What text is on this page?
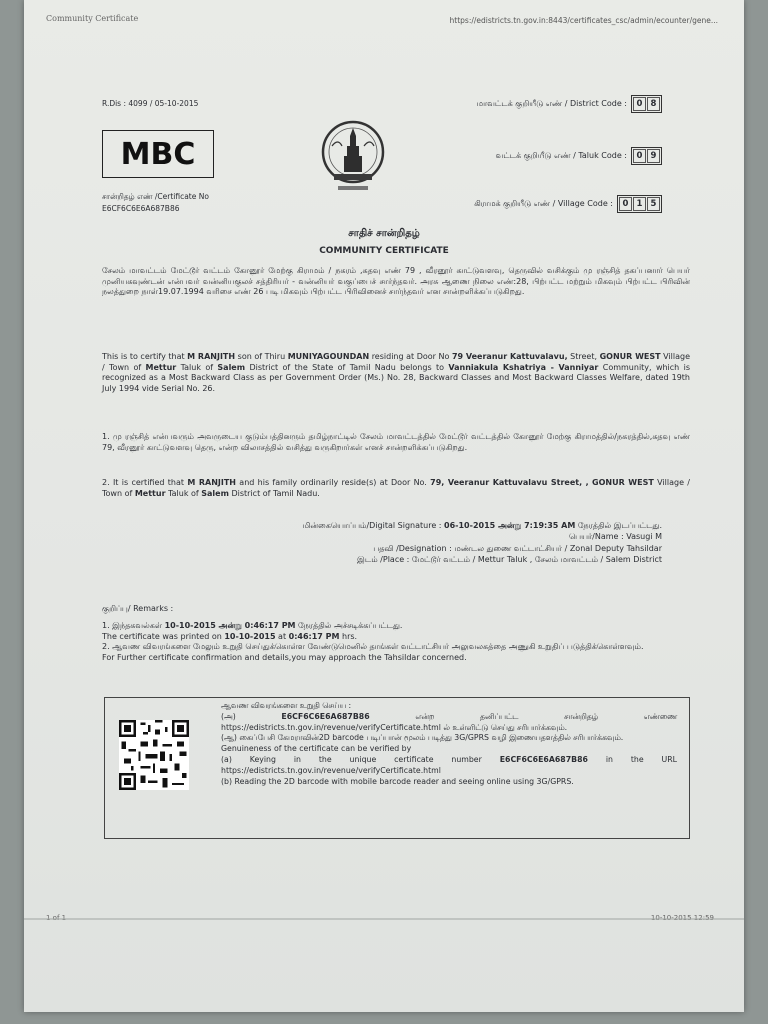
Community Certificate	https://edistricts.tn.gov.in:8443/certificates_csc/admin/ecounter/gene...
R.Dis : 4099 / 05-10-2015
MBC
சான்றிதழ் எண் /Certificate No
E6CF6C6E6A687B86
மாவட்டக் குறியீடு எண் / District Code :	0 8
வட்டக் குறியீடு எண் / Taluk Code :	0 9
கிராமக் குறியீடு எண் / Village Code :	0 1 5
சாதிச் சான்றிதழ்
COMMUNITY CERTIFICATE
சேலம் மாவட்டம் மேட்டூர் வட்டம் கோனூர் மேற்கு கிராமம் / நகரம் ,கதவு எண் 79 , வீரனூர் காட்டுவளவு, தெருவில் வசிக்கும் மு ரஞ்சித் தகப்பனார் பெயர் முனியகவுண்டன் என்பவர் வன்னியகுலச் சத்திரியர் - வன்னியர் வகுப்பைச் சார்ந்தவர். அரசு ஆணை நிலை எண்:28, பிற்பட்ட மற்றும் மிகவும் பிற்பட்ட பிரிவின் நலத்துறை நாள்19.07.1994 வரிசை எண் 26 படி மிகவும் பிற்பட்ட பிரிவினைச் சார்ந்தவர் என சான்றளிக்கப்படுகிறது.
This is to certify that M RANJITH son of Thiru MUNIYAGOUNDAN residing at Door No 79 Veeranur Kattuvalavu, Street, GONUR WEST Village / Town of Mettur Taluk of Salem District of the State of Tamil Nadu belongs to Vanniakula Kshatriya - Vanniyar Community, which is recognized as a Most Backward Class as per Government Order (Ms.) No. 28, Backward Classes and Most Backward Classes Welfare, dated 19th July 1994 vide Serial No. 26.
1. மு ரஞ்சித் என்பவரும் அவருடைய குடும்பத்தினரும் தமிழ்நாட்டில் சேலம் மாவட்டத்தில் மேட்டூர் வட்டத்தில் கோனூர் மேற்கு கிராமத்தில்/நகரத்தில்,கதவு எண் 79, வீரனூர் காட்டுவளவு தெரு, என்ற விலாசத்தில் வசித்து வருகிறார்கள் எனச் சான்றளிக்கப்படுகிறது.
2. It is certified that M RANJITH and his family ordinarily reside(s) at Door No. 79, Veeranur Kattuvalavu Street, , GONUR WEST Village / Town of Mettur Taluk of Salem District of Tamil Nadu.
மின்கையொப்பம்/Digital Signature : 06-10-2015 அன்று 7:19:35 AM நேரத்தில் இடப்பட்டது.
பெயர்/Name : Vasugi M
பதவி /Designation : மண்டல துணை வட்டாட்சியர் / Zonal Deputy Tahsildar
இடம் /Place : மேட்டூர் வட்டம் / Mettur Taluk , சேலம் மாவட்டம் / Salem District
குறிப்பு/ Remarks :
1. இந்தகவல்கள் 10-10-2015 அன்று 0:46:17 PM நேரத்தில் அச்சடிக்கப்பட்டது.
The certificate was printed on 10-10-2015 at 0:46:17 PM hrs.
2. ஆவண விவரங்களை மேலும் உறுதி செய்துக்கொள்ள வேண்டுமெனில் தாங்கள் வட்டாட்சியர் அலுவலகத்தை அணுகி உறுதிப் படுத்திக்கொள்ளவும்.
For Further certificate confirmation and details,you may approach the Tahsildar concerned.
ஆவண விவரங்களை உறுதி செய்ய :
(அ) E6CF6C6E6A687B86 என்ற தனிப்பட்ட சான்றிதழ் எண்ணை https://edistricts.tn.gov.in/revenue/verifyCertificate.html ல் உள்ளிட்டு செய்து சரிபார்க்கவும்.
(ஆ) கைப்பேசி கேமராவின்2D barcode படிப்பான் மூலம் படித்து 3G/GPRS வழி இணையதளத்தில் சரிபார்க்கவும்.
Genuineness of the certificate can be verified by
(a) Keying in the unique certificate number E6CF6C6E6A687B86 in the URL https://edistricts.tn.gov.in/revenue/verifyCertificate.html
(b) Reading the 2D barcode with mobile barcode reader and seeing online using 3G/GPRS.
